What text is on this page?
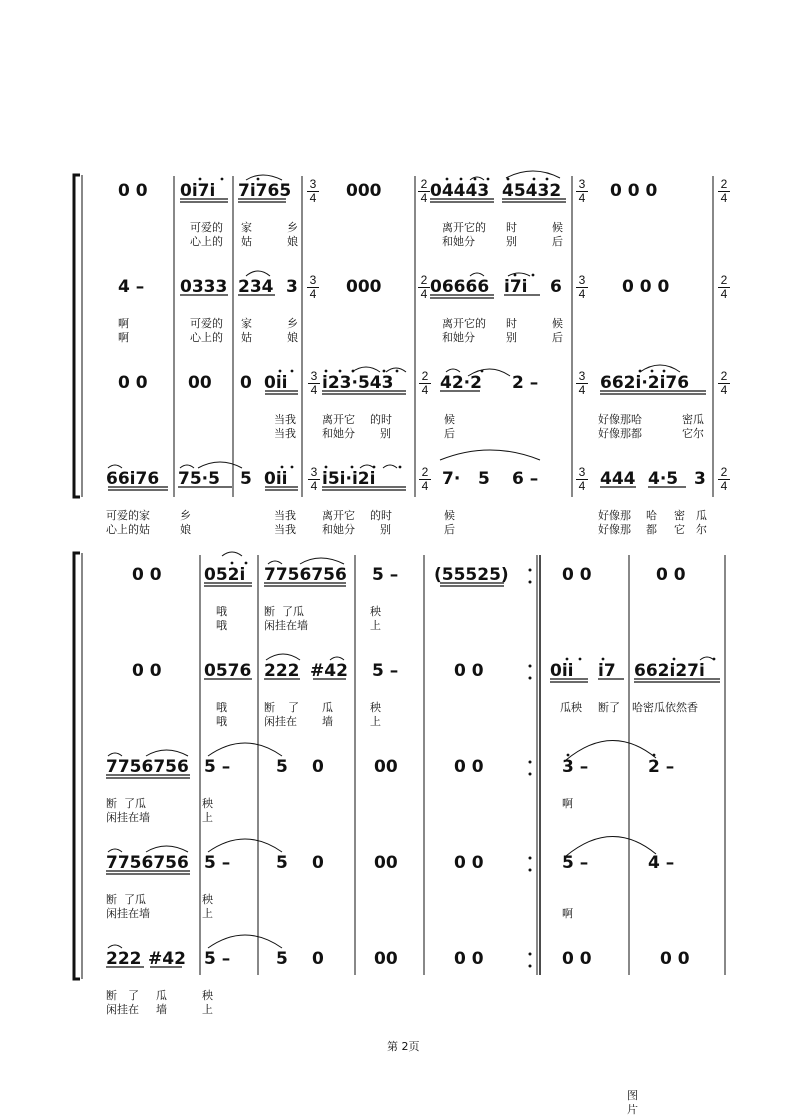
0 0 0i7i 7i765 3
4 000	2
4 04443 45432 3
4 0 0 0	2
4
可爱的 家	乡	离开它的 时	候
心上的 姑	娘	和她分	别	后
4 – 0333 234 3 3
4 000	2
4 06666 i7i 6 3
4 0 0 0	2
4
啊	可爱的 家	乡	离开它的 时	候
啊	心上的 姑	娘	和她分	别	后
0 0 00 0 0ii 3
4 i23·543 2
4 42·2 2 –	3
4 662i·2i76	2
4
当我 离开它 的时	候	好像那哈	密瓜
当我 和她分 别	后	好像那都	它尔
66i76 75·5 5 0ii 3
4 i5i·i2i	2
4 7· 5 6 –	3
4 444 4·5 3 2
4
可爱的家	乡	当我 离开它 的时	候	好像那 哈 密 瓜
心上的姑	娘	当我 和她分 别	后	好像那 都 它 尔
0 0 052i 7756756 5 – (55525)	0 0	0 0
哦	断 了瓜	秧
哦	闲挂在墙	上
0 0 0576 222 #42 5 –	0 0	0ii i7 662i27i
哦	断 了 瓜	秧	瓜秧 断了 哈密瓜依然香
哦	闲挂在 墙	上
7756756 5 –	5 0	00	0 0	3 –	2 –
断 了瓜	秧	啊
闲挂在墙	上
7756756 5 –	5 0	00	0 0	5 –	4 –
断 了瓜	秧
闲挂在墙	上	啊
222 #42 5 –	5 0	00	0 0	0 0	0 0
断 了 瓜	秧
闲挂在 墙	上
第 2页
图
片
